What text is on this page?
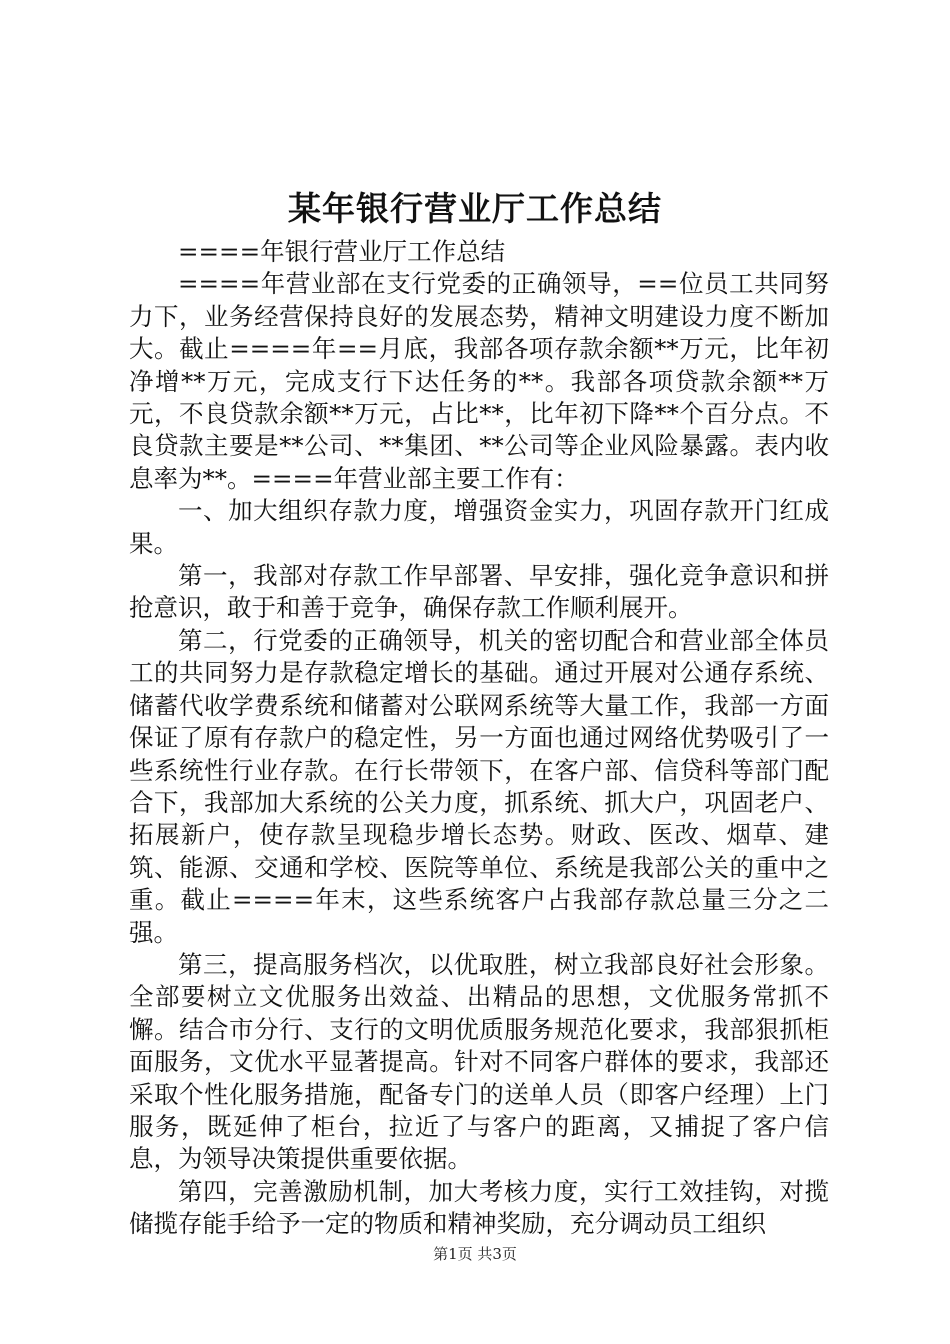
某年银行营业厅工作总结

====年银行营业厅工作总结

====年营业部在支行党委的正确领导，==位员工共同努力下，业务经营保持良好的发展态势，精神文明建设力度不断加大。截止====年==月底，我部各项存款余额**万元，比年初净增**万元，完成支行下达任务的**。我部各项贷款余额**万元，不良贷款余额**万元，占比**，比年初下降**个百分点。不良贷款主要是**公司、**集团、**公司等企业风险暴露。表内收息率为**。====年营业部主要工作有：

一、加大组织存款力度，增强资金实力，巩固存款开门红成果。

第一，我部对存款工作早部署、早安排，强化竞争意识和拼抢意识，敢于和善于竞争，确保存款工作顺利展开。

第二，行党委的正确领导，机关的密切配合和营业部全体员工的共同努力是存款稳定增长的基础。通过开展对公通存系统、储蓄代收学费系统和储蓄对公联网系统等大量工作，我部一方面保证了原有存款户的稳定性，另一方面也通过网络优势吸引了一些系统性行业存款。在行长带领下，在客户部、信贷科等部门配合下，我部加大系统的公关力度，抓系统、抓大户，巩固老户、拓展新户，使存款呈现稳步增长态势。财政、医改、烟草、建筑、能源、交通和学校、医院等单位、系统是我部公关的重中之重。截止====年末，这些系统客户占我部存款总量三分之二强。

第三，提高服务档次，以优取胜，树立我部良好社会形象。全部要树立文优服务出效益、出精品的思想，文优服务常抓不懈。结合市分行、支行的文明优质服务规范化要求，我部狠抓柜面服务，文优水平显著提高。针对不同客户群体的要求，我部还采取个性化服务措施，配备专门的送单人员（即客户经理）上门服务，既延伸了柜台，拉近了与客户的距离，又捕捉了客户信息，为领导决策提供重要依据。

第四，完善激励机制，加大考核力度，实行工效挂钩，对揽储揽存能手给予一定的物质和精神奖励，充分调动员工组织

第1页 共3页
